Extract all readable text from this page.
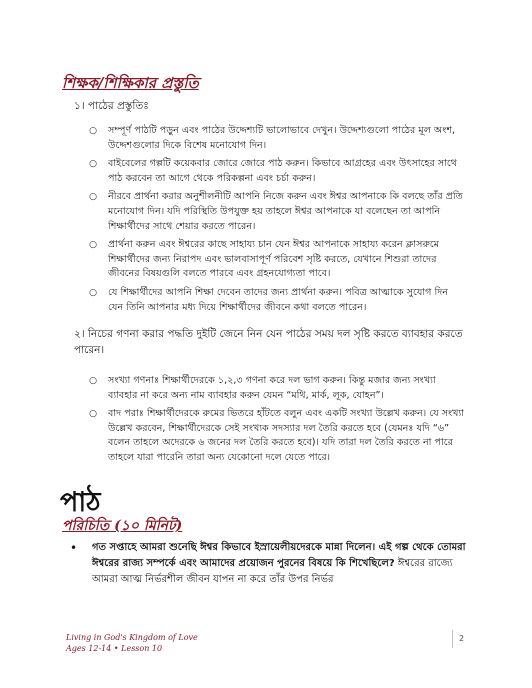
শিক্ষক/শিক্ষিকার প্রস্তুতি

১। পাঠের প্রস্তুতিঃ

○ সম্পূর্ণ পাঠটি পড়ুন এবং পাঠের উদ্দেশ্যটি ভালোভাবে দেখুন। উদ্দেশ্যগুলো পাঠের মূল অংশ, উদ্দেশগুলোর দিকে বিশেষ মনোযোগ দিন।
○ বাইবেলের গল্পটি কয়েকবার জোরে জোরে পাঠ করুন। কিভাবে আগ্রহের এবং উৎসাহের সাথে পাঠ করবেন তা আগে থেকে পরিকল্পনা এবং চর্চা করুন।
○ নীরবে প্রার্থনা করার অনুশীলনীটি আপনি নিজে করুন এবং ঈশ্বর আপনাকে কি বলছে তাঁর প্রতি মনোযোগ দিন। যদি পরিস্থিতি উপযুক্ত হয় তাহলে ঈশ্বর আপনাকে যা বলেছেন তা আপনি শিক্ষার্থীদের সাথে শেয়ার করতে পারেন।
○ প্রার্থনা করুন এবং ঈশ্বরের কাছে সাহায্য চান যেন ঈশ্বর আপনাকে সাহায্য করেন ক্লাসরুমে শিক্ষার্থীদের জন্য নিরাপদ এবং ভালবাসাপূর্ণ পরিবেশ সৃষ্টি করতে, যেখানে শিশুরা তাদের জীবনের বিষয়গুলি বলতে পারবে এবং গ্রহনযোগ্যতা পাবে।
○ যে শিক্ষার্থীদের আপনি শিক্ষা দেবেন তাদের জন্য প্রার্থনা করুন। পবিত্র আত্মাকে সুযোগ দিন যেন তিনি আপনার মধ্য দিয়ে শিক্ষার্থীদের জীবনে কথা বলতে পারেন।

২। নিচের গণনা করার পদ্ধতি দুইটি জেনে নিন যেন পাঠের সময় দল সৃষ্টি করতে ব্যাবহার করতে পারেন।

○ সংখ্যা গণনাঃ শিক্ষার্থীদেরকে ১,২,৩ গণনা করে দল ভাগ করুন। কিন্তু মজার জন্য সংখ্যা ব্যাবহার না করে অন্য নাম ব্যাবহার করুন যেমন “মথি, মার্ক, লূক, যোহন”।
○ বাদ পরাঃ শিক্ষার্থীদেরকে রুমের ভিতরে হাঁটতে বলুন এবং একটি সংখ্যা উল্লেখ করুন। যে সংখ্যা উল্লেখ করবেন, শিক্ষার্থীদেরকে সেই সংখ্যক সদস্যার দল তৈরি করতে হবে (যেমনঃ যদি “৬” বলেন তাহলে অদেরকে ৬ জনের দল তৈরি করতে হবে)। যদি তারা দল তৈরি করতে না পারে তাহলে যারা পারেনি তারা অন্য যেকোনো দলে যেতে পারে।
পাঠ
পরিচিতি (১০ মিনিট)
• গত সপ্তাহে আমরা শুনেছি ঈশ্বর কিভাবে ইস্রায়েলীয়দেরকে মান্না দিলেন। এই গল্প থেকে তোমরা ঈশ্বরের রাজ্য সম্পর্কে এবং আমাদের প্রয়োজন পুরনের বিষয়ে কি শিখেছিলে? ঈশ্বরের রাজ্যে আমরা আত্ম নির্ভরশীল জীবন যাপন না করে তাঁর উপর নির্ভর
Living in God's Kingdom of Love
Ages 12-14 • Lesson 10
2
